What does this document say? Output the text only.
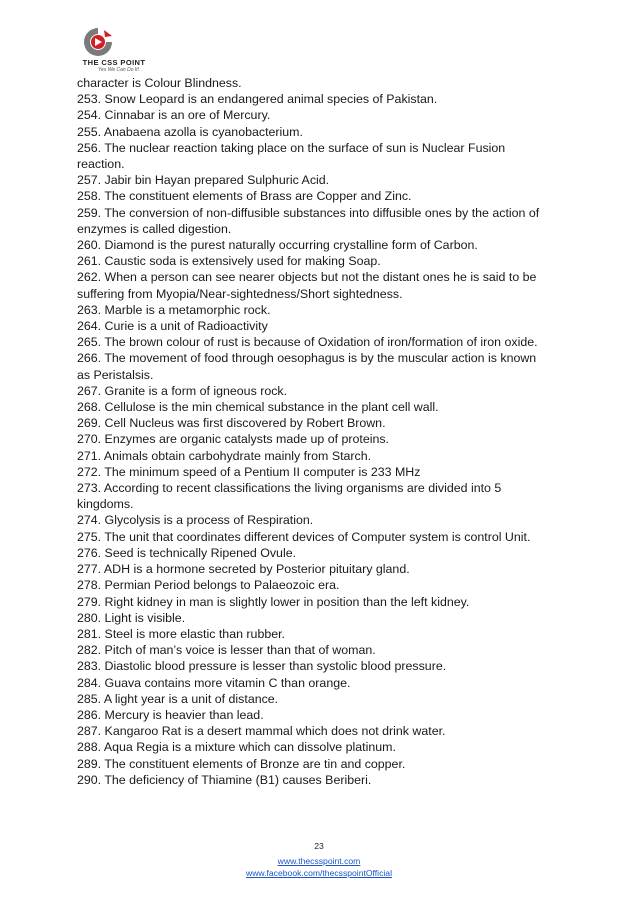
THE CSS POINT
Yes We Can Do It!

character is Colour Blindness.

253. Snow Leopard is an endangered animal species of Pakistan.

254. Cinnabar is an ore of Mercury.

255. Anabaena azolla is cyanobacterium.

256. The nuclear reaction taking place on the surface of sun is Nuclear Fusion

reaction.

257. Jabir bin Hayan prepared Sulphuric Acid.

258. The constituent elements of Brass are Copper and Zinc.

259. The conversion of non-diffusible substances into diffusible ones by the action of

enzymes is called digestion.

260. Diamond is the purest naturally occurring crystalline form of Carbon.

261. Caustic soda is extensively used for making Soap.

262. When a person can see nearer objects but not the distant ones he is said to be

suffering from Myopia/Near-sightedness/Short sightedness.

263. Marble is a metamorphic rock.

264. Curie is a unit of Radioactivity

265. The brown colour of rust is because of Oxidation of iron/formation of iron oxide.

266. The movement of food through oesophagus is by the muscular action is known

as Peristalsis.

267. Granite is a form of igneous rock.

268. Cellulose is the min chemical substance in the plant cell wall.

269. Cell Nucleus was first discovered by Robert Brown.

270. Enzymes are organic catalysts made up of proteins.

271. Animals obtain carbohydrate mainly from Starch.

272. The minimum speed of a Pentium II computer is 233 MHz

273. According to recent classifications the living organisms are divided into 5

kingdoms.

274. Glycolysis is a process of Respiration.

275. The unit that coordinates different devices of Computer system is control Unit.

276. Seed is technically Ripened Ovule.

277. ADH is a hormone secreted by Posterior pituitary gland.

278. Permian Period belongs to Palaeozoic era.

279. Right kidney in man is slightly lower in position than the left kidney.

280. Light is visible.

281. Steel is more elastic than rubber.

282. Pitch of man’s voice is lesser than that of woman.

283. Diastolic blood pressure is lesser than systolic blood pressure.

284. Guava contains more vitamin C than orange.

285. A light year is a unit of distance.

286. Mercury is heavier than lead.

287. Kangaroo Rat is a desert mammal which does not drink water.

288. Aqua Regia is a mixture which can dissolve platinum.

289. The constituent elements of Bronze are tin and copper.

290. The deficiency of Thiamine (B1) causes Beriberi.

23
www.thecsspoint.com
www.facebook.com/thecsspointOfficial
